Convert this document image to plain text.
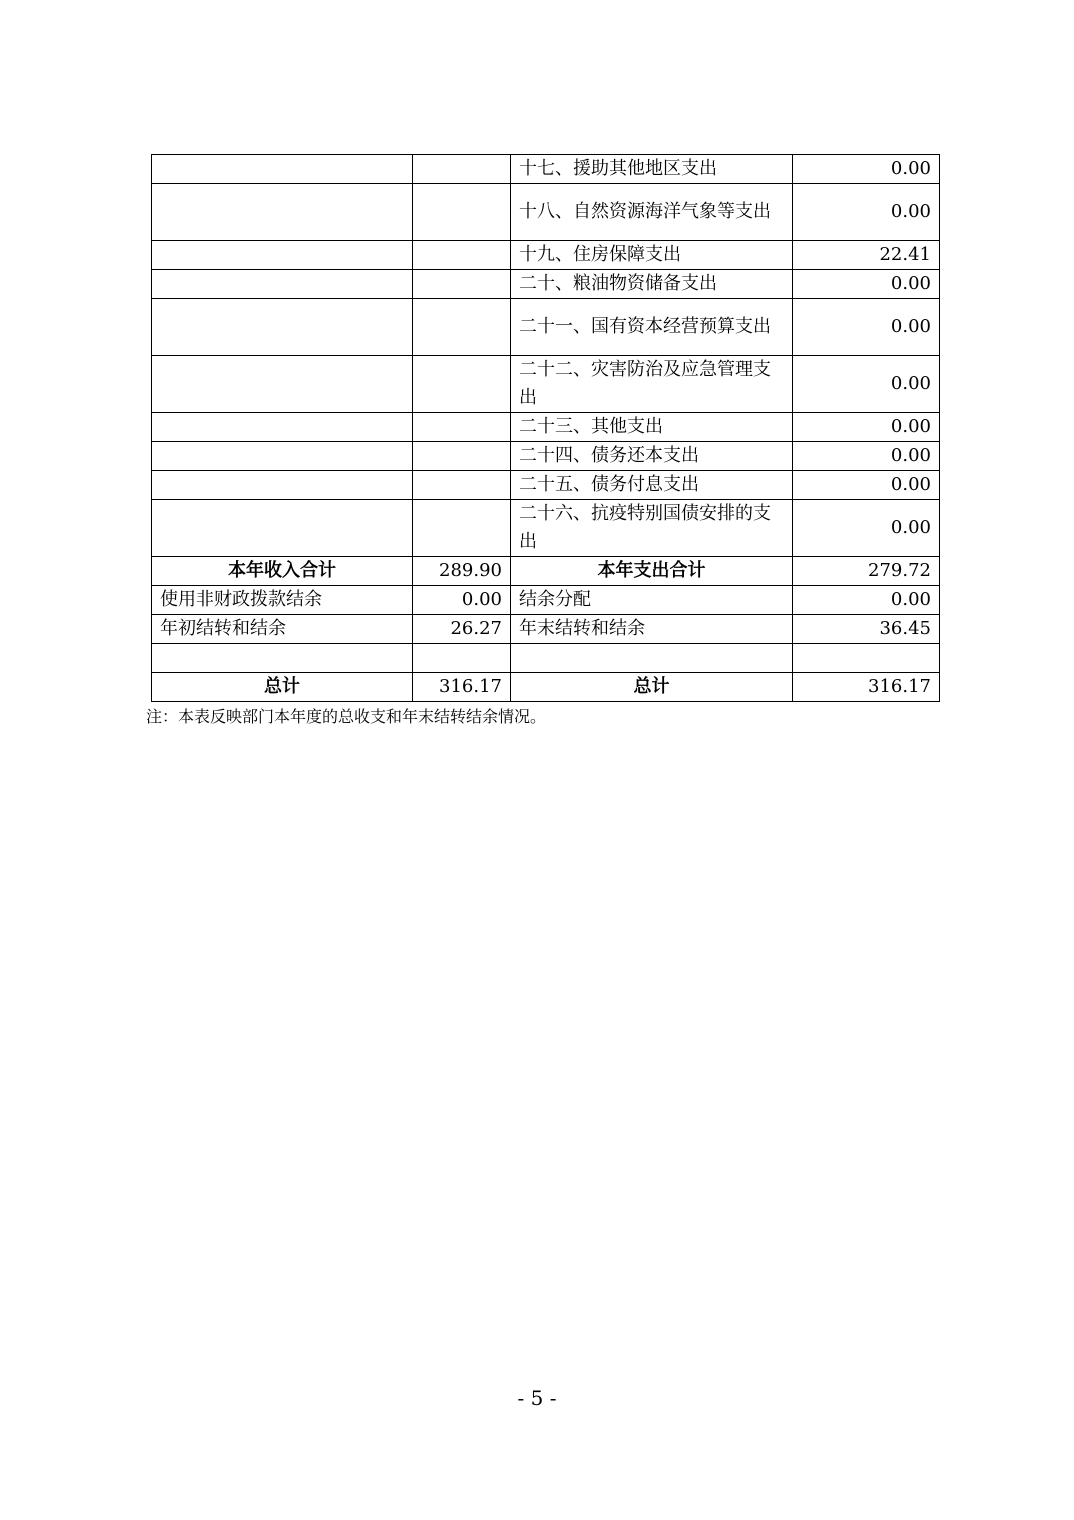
		十七、援助其他地区支出	0.00
		十八、自然资源海洋气象等支出	0.00
		十九、住房保障支出	22.41
		二十、粮油物资储备支出	0.00
		二十一、国有资本经营预算支出	0.00
		二十二、灾害防治及应急管理支出	0.00
		二十三、其他支出	0.00
		二十四、债务还本支出	0.00
		二十五、债务付息支出	0.00
		二十六、抗疫特别国债安排的支出	0.00
本年收入合计	289.90	本年支出合计	279.72
使用非财政拨款结余	0.00	结余分配	0.00
年初结转和结余	26.27	年末结转和结余	36.45

总计	316.17	总计	316.17
注：本表反映部门本年度的总收支和年末结转结余情况。
- 5 -
